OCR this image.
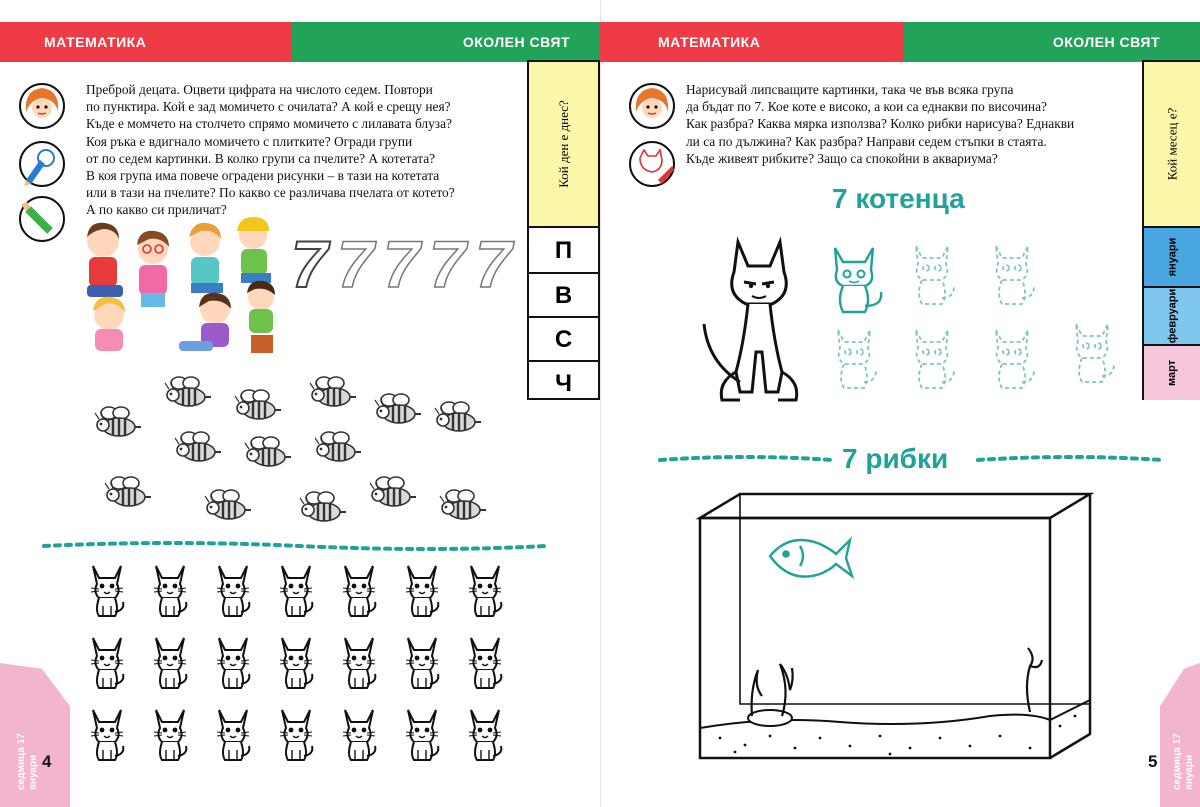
МАТЕМАТИКА	ОКОЛЕН СВЯТ
Преброй децата. Оцвети цифрата на числото седем. Повтори
по пунктира. Кой е зад момичето с очилата? А кой е срещу нея?
Къде е момчето на столчето спрямо момичето с лилавата блуза?
Коя ръка е вдигнало момичето с плитките? Огради групи
от по седем картинки. В колко групи са пчелите? А котетата?
В коя група има повече оградени рисунки – в тази на котетата
или в тази на пчелите? По какво се различава пчелата от котето?
А по какво си приличат?
7 7 7 7 7
Кой ден е днес?
П
В
С
Ч
седмица 17 януари 4
МАТЕМАТИКА	ОКОЛЕН СВЯТ
Нарисувай липсващите картинки, така че във всяка група
да бъдат по 7. Кое коте е високо, а кои са еднакви по височина?
Как разбра? Каква мярка използва? Колко рибки нарисува? Еднакви
ли са по дължина? Как разбра? Направи седем стъпки в стаята.
Къде живеят рибките? Защо са спокойни в аквариума?
7 котенца
Кой месец е?
януари
февруари
март
7 рибки
седмица 17 януари
5
